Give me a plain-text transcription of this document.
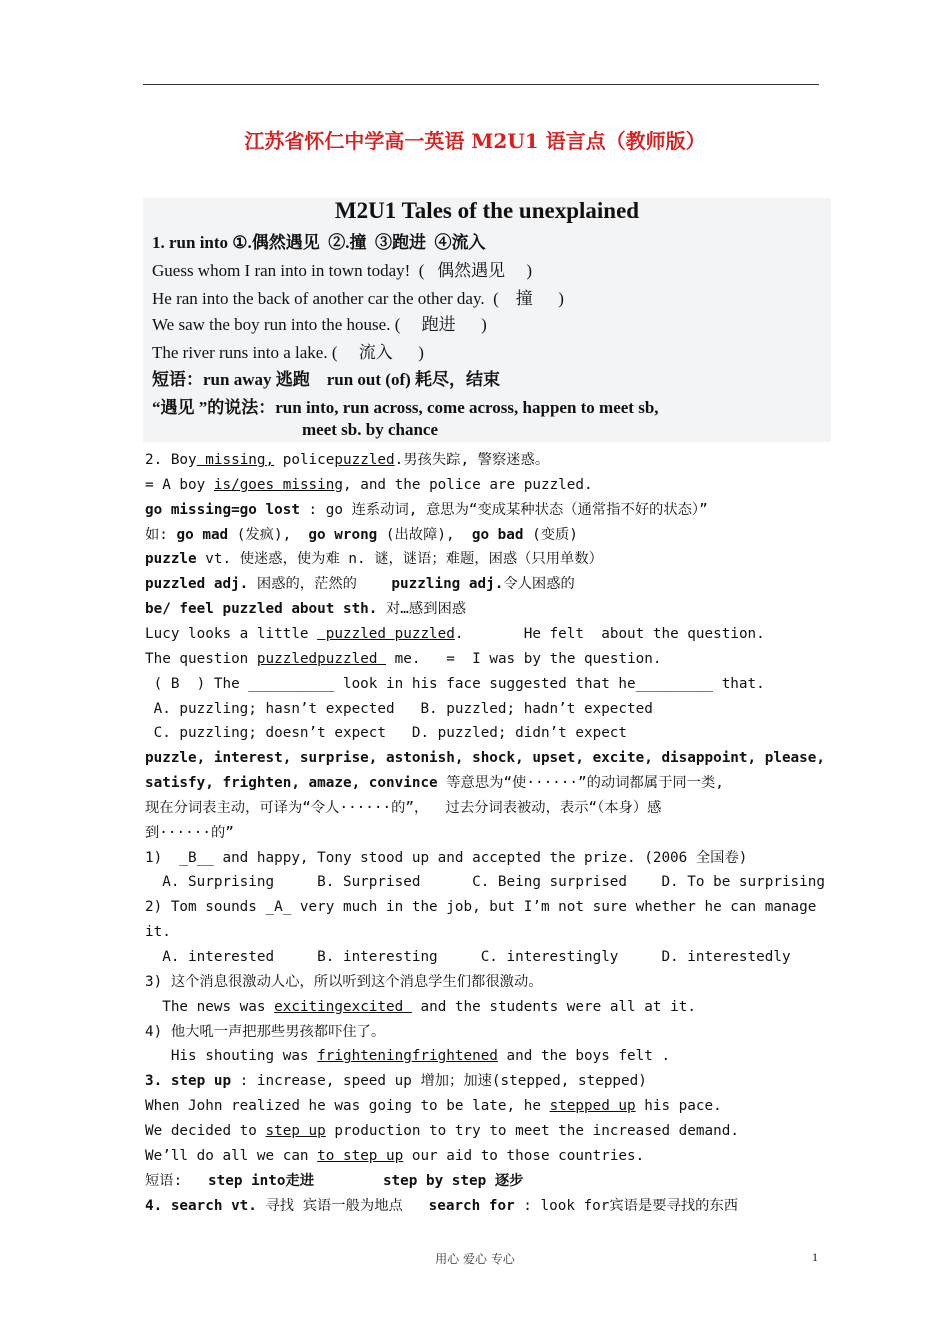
江苏省怀仁中学高一英语 M2U1 语言点（教师版）
M2U1 Tales of the unexplained
1. run into ①.偶然遇见  ②.撞  ③跑进  ④流入
Guess whom I ran into in town today!  (   偶然遇见     )
He ran into the back of another car the other day.  (    撞      )
We saw the boy run into the house. (     跑进      )
The river runs into a lake. (     流入      )
短语：run away 逃跑    run out (of) 耗尽，结束
“遇见 ”的说法：run into, run across, come across, happen to meet sb,
meet sb. by chance
2. Boy missing, policepuzzled.男孩失踪, 警察迷惑。
= A boy is/goes missing, and the police are puzzled.
go missing=go lost : go 连系动词, 意思为“变成某种状态（通常指不好的状态）”
如: go mad (发疯),  go wrong (出故障),  go bad (变质)
puzzle vt. 使迷惑，使为难 n. 谜，谜语；难题，困惑（只用单数）
puzzled adj. 困惑的，茫然的    puzzling adj.令人困惑的
be/ feel puzzled about sth. 对…感到困惑
Lucy looks a little  puzzled puzzled.       He felt  about the question.
The question puzzledpuzzled  me.   =  I was by the question.
( B  ) The __________ look in his face suggested that he_________ that.
A. puzzling; hasn’t expected   B. puzzled; hadn’t expected
C. puzzling; doesn’t expect   D. puzzled; didn’t expect
puzzle, interest, surprise, astonish, shock, upset, excite, disappoint, please,
satisfy, frighten, amaze, convince 等意思为“使······”的动词都属于同一类,
现在分词表主动，可译为“令人······的”，  过去分词表被动，表示“（本身）感
到······的”
1)  _B__ and happy, Tony stood up and accepted the prize. (2006 全国卷)
A. Surprising     B. Surprised      C. Being surprised    D. To be surprising
2) Tom sounds _A_ very much in the job, but I’m not sure whether he can manage
it.
A. interested     B. interesting     C. interestingly     D. interestedly
3) 这个消息很激动人心，所以听到这个消息学生们都很激动。
The news was excitingexcited  and the students were all at it.
4) 他大吼一声把那些男孩都吓住了。
His shouting was frighteningfrightened and the boys felt .
3. step up : increase, speed up 增加；加速(stepped, stepped)
When John realized he was going to be late, he stepped up his pace.
We decided to step up production to try to meet the increased demand.
We’ll do all we can to step up our aid to those countries.
短语:   step into走进        step by step 逐步
4. search vt. 寻找 宾语一般为地点   search for : look for宾语是要寻找的东西
用心 爱心 专心	1
